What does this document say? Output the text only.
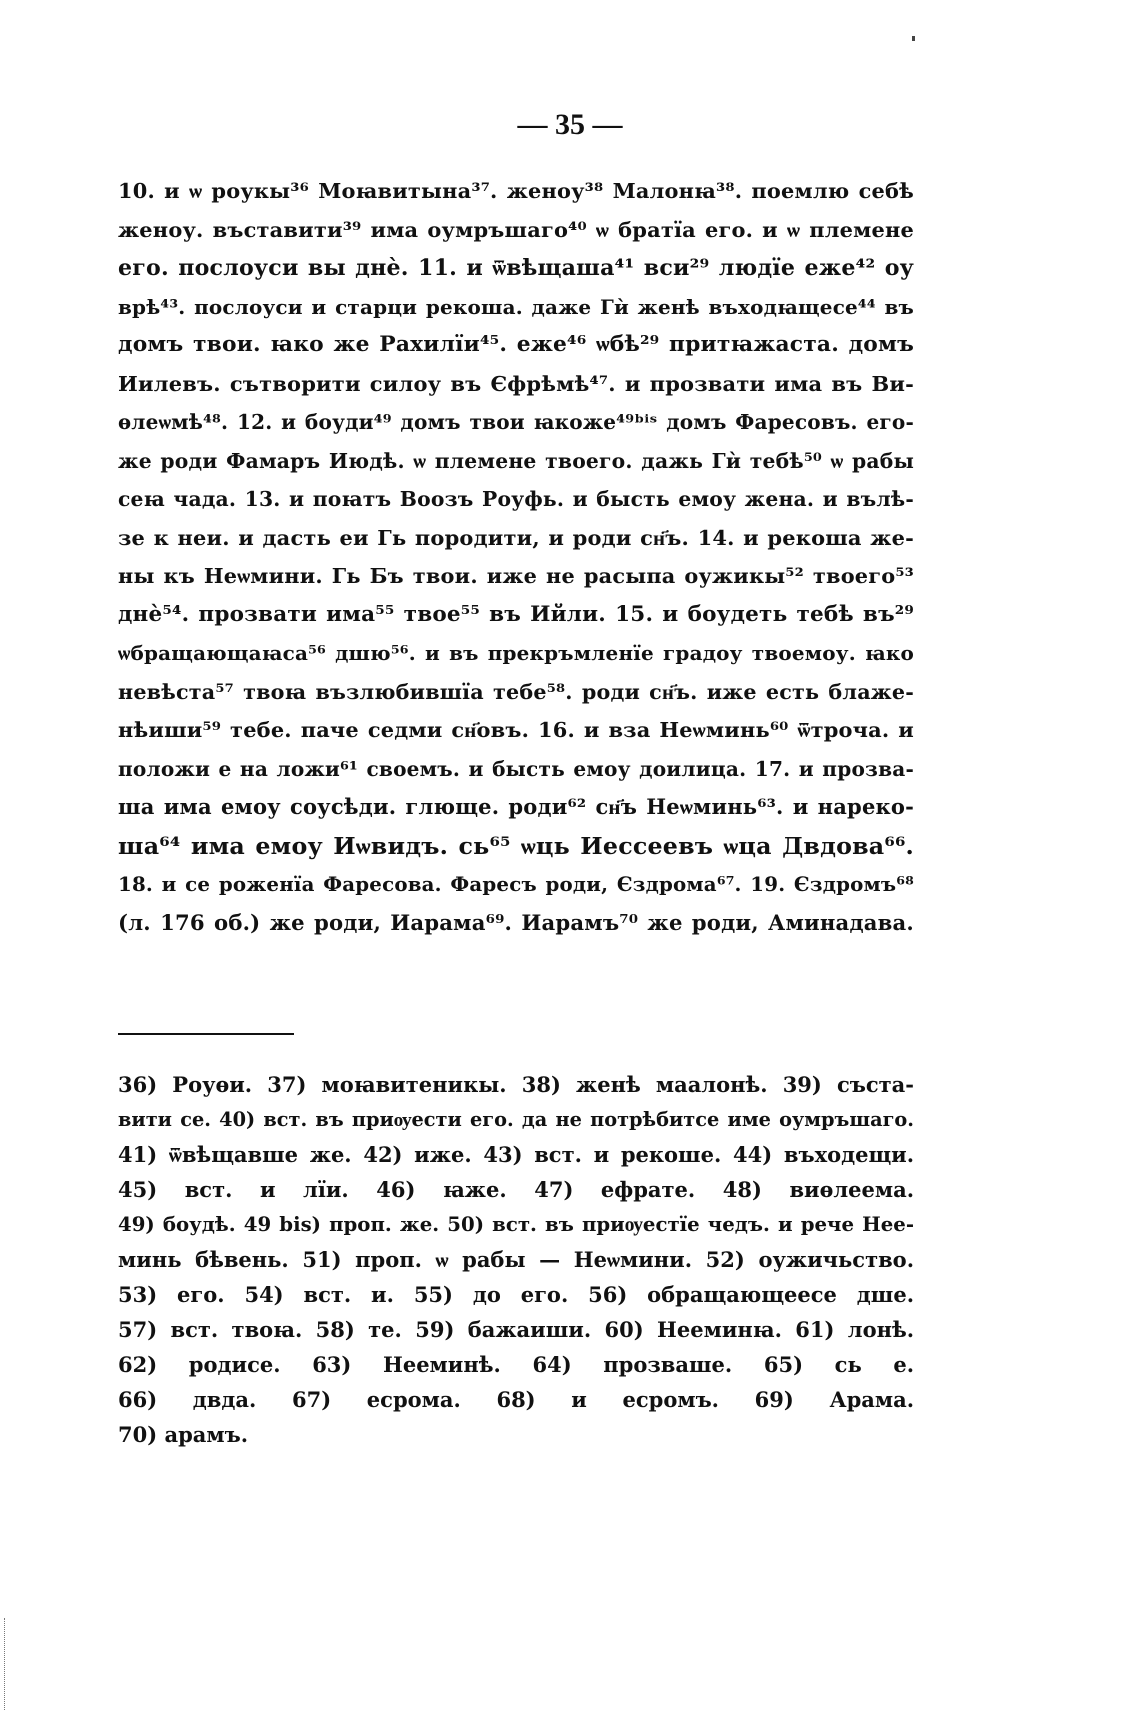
— 35 —
10. и ѡ роукы³⁶ Моꙗвитына³⁷. женоу³⁸ Малонꙗ³⁸. поемлю себѣ
женоу. въставити³⁹ има оумръшаго⁴⁰ ѡ братїа его. и ѡ племене
его. послоуси вы днѐ. 11. и ѿвѣщаша⁴¹ вси²⁹ людїе еже⁴² оу
врѣ⁴³. послоуси и старци рекоша. даже Гѝ женѣ въходꙗщесе⁴⁴ въ
домъ твои. ꙗко же Рахилїи⁴⁵. еже⁴⁶ ѡбѣ²⁹ притꙗжаста. домъ
Иилевъ. сътворити силоу въ Єфрѣмѣ⁴⁷. и прозвати има въ Ви-
ѳлеѡмѣ⁴⁸. 12. и боуди⁴⁹ домъ твои ꙗкоже⁴⁹ᵇⁱˢ домъ Фаресовъ. его-
же роди Фамаръ Июдѣ. ѡ племене твоего. дажь Гѝ тебѣ⁵⁰ ѡ рабы
сеꙗ чада. 13. и поꙗтъ Воозъ Роуфь. и бысть емоу жена. и вълѣ-
зе к неи. и дасть еи Гь породити, и роди сн҃ъ. 14. и рекоша же-
ны къ Неѡмини. Гь Бъ твои. иже не расыпа оужикы⁵² твоего⁵³
днѐ⁵⁴. прозвати има⁵⁵ твое⁵⁵ въ Ийли. 15. и боудеть тебѣ въ²⁹
ѡбращающаꙗса⁵⁶ дшю⁵⁶. и въ прекръмленїе градоу твоемоу. ꙗко
невѣста⁵⁷ твоꙗ възлюбившїа тебе⁵⁸. роди сн҃ъ. иже есть блаже-
нѣиши⁵⁹ тебе. паче седми сн҃овъ. 16. и вза Неѡминь⁶⁰ ѿтроча. и
положи е на ложи⁶¹ своемъ. и бысть емоу доилица. 17. и прозва-
ша има емоу соусѣди. глюще. роди⁶² сн҃ъ Неѡминь⁶³. и нареко-
ша⁶⁴ има емоу Иѡвидъ. сь⁶⁵ ѡць Иессеевъ ѡца Двдова⁶⁶.
18. и се роженїа Фаресова. Фаресъ роди, Єздрома⁶⁷. 19. Єздромъ⁶⁸
(л. 176 об.) же роди, Иарама⁶⁹. Иарамъ⁷⁰ же роди, Аминадава.
36) Роуѳи. 37) моꙗвитеникы. 38) женѣ маалонѣ. 39) съста-
вити се. 40) вст. въ приѹести его. да не потрѣбитсе име оумръшаго.
41) ѿвѣщавше же. 42) иже. 43) вст. и рекоше. 44) въходещи.
45) вст. и лїи. 46) ꙗже. 47) ефрате. 48) виѳлеема.
49) боудѣ. 49 bis) проп. же. 50) вст. въ приѹестїе чедъ. и рече Нее-
минь бѣвень. 51) проп. ѡ рабы — Неѡмини. 52) оужичьство.
53) его. 54) вст. и. 55) до его. 56) обращающеесе дше.
57) вст. твоꙗ. 58) те. 59) бажаиши. 60) Нееминꙗ. 61) лонѣ.
62) родисе. 63) Нееминѣ. 64) прозваше. 65) сь е.
66) двда. 67) есрома. 68) и есромъ. 69) Арама.
70) арамъ.
